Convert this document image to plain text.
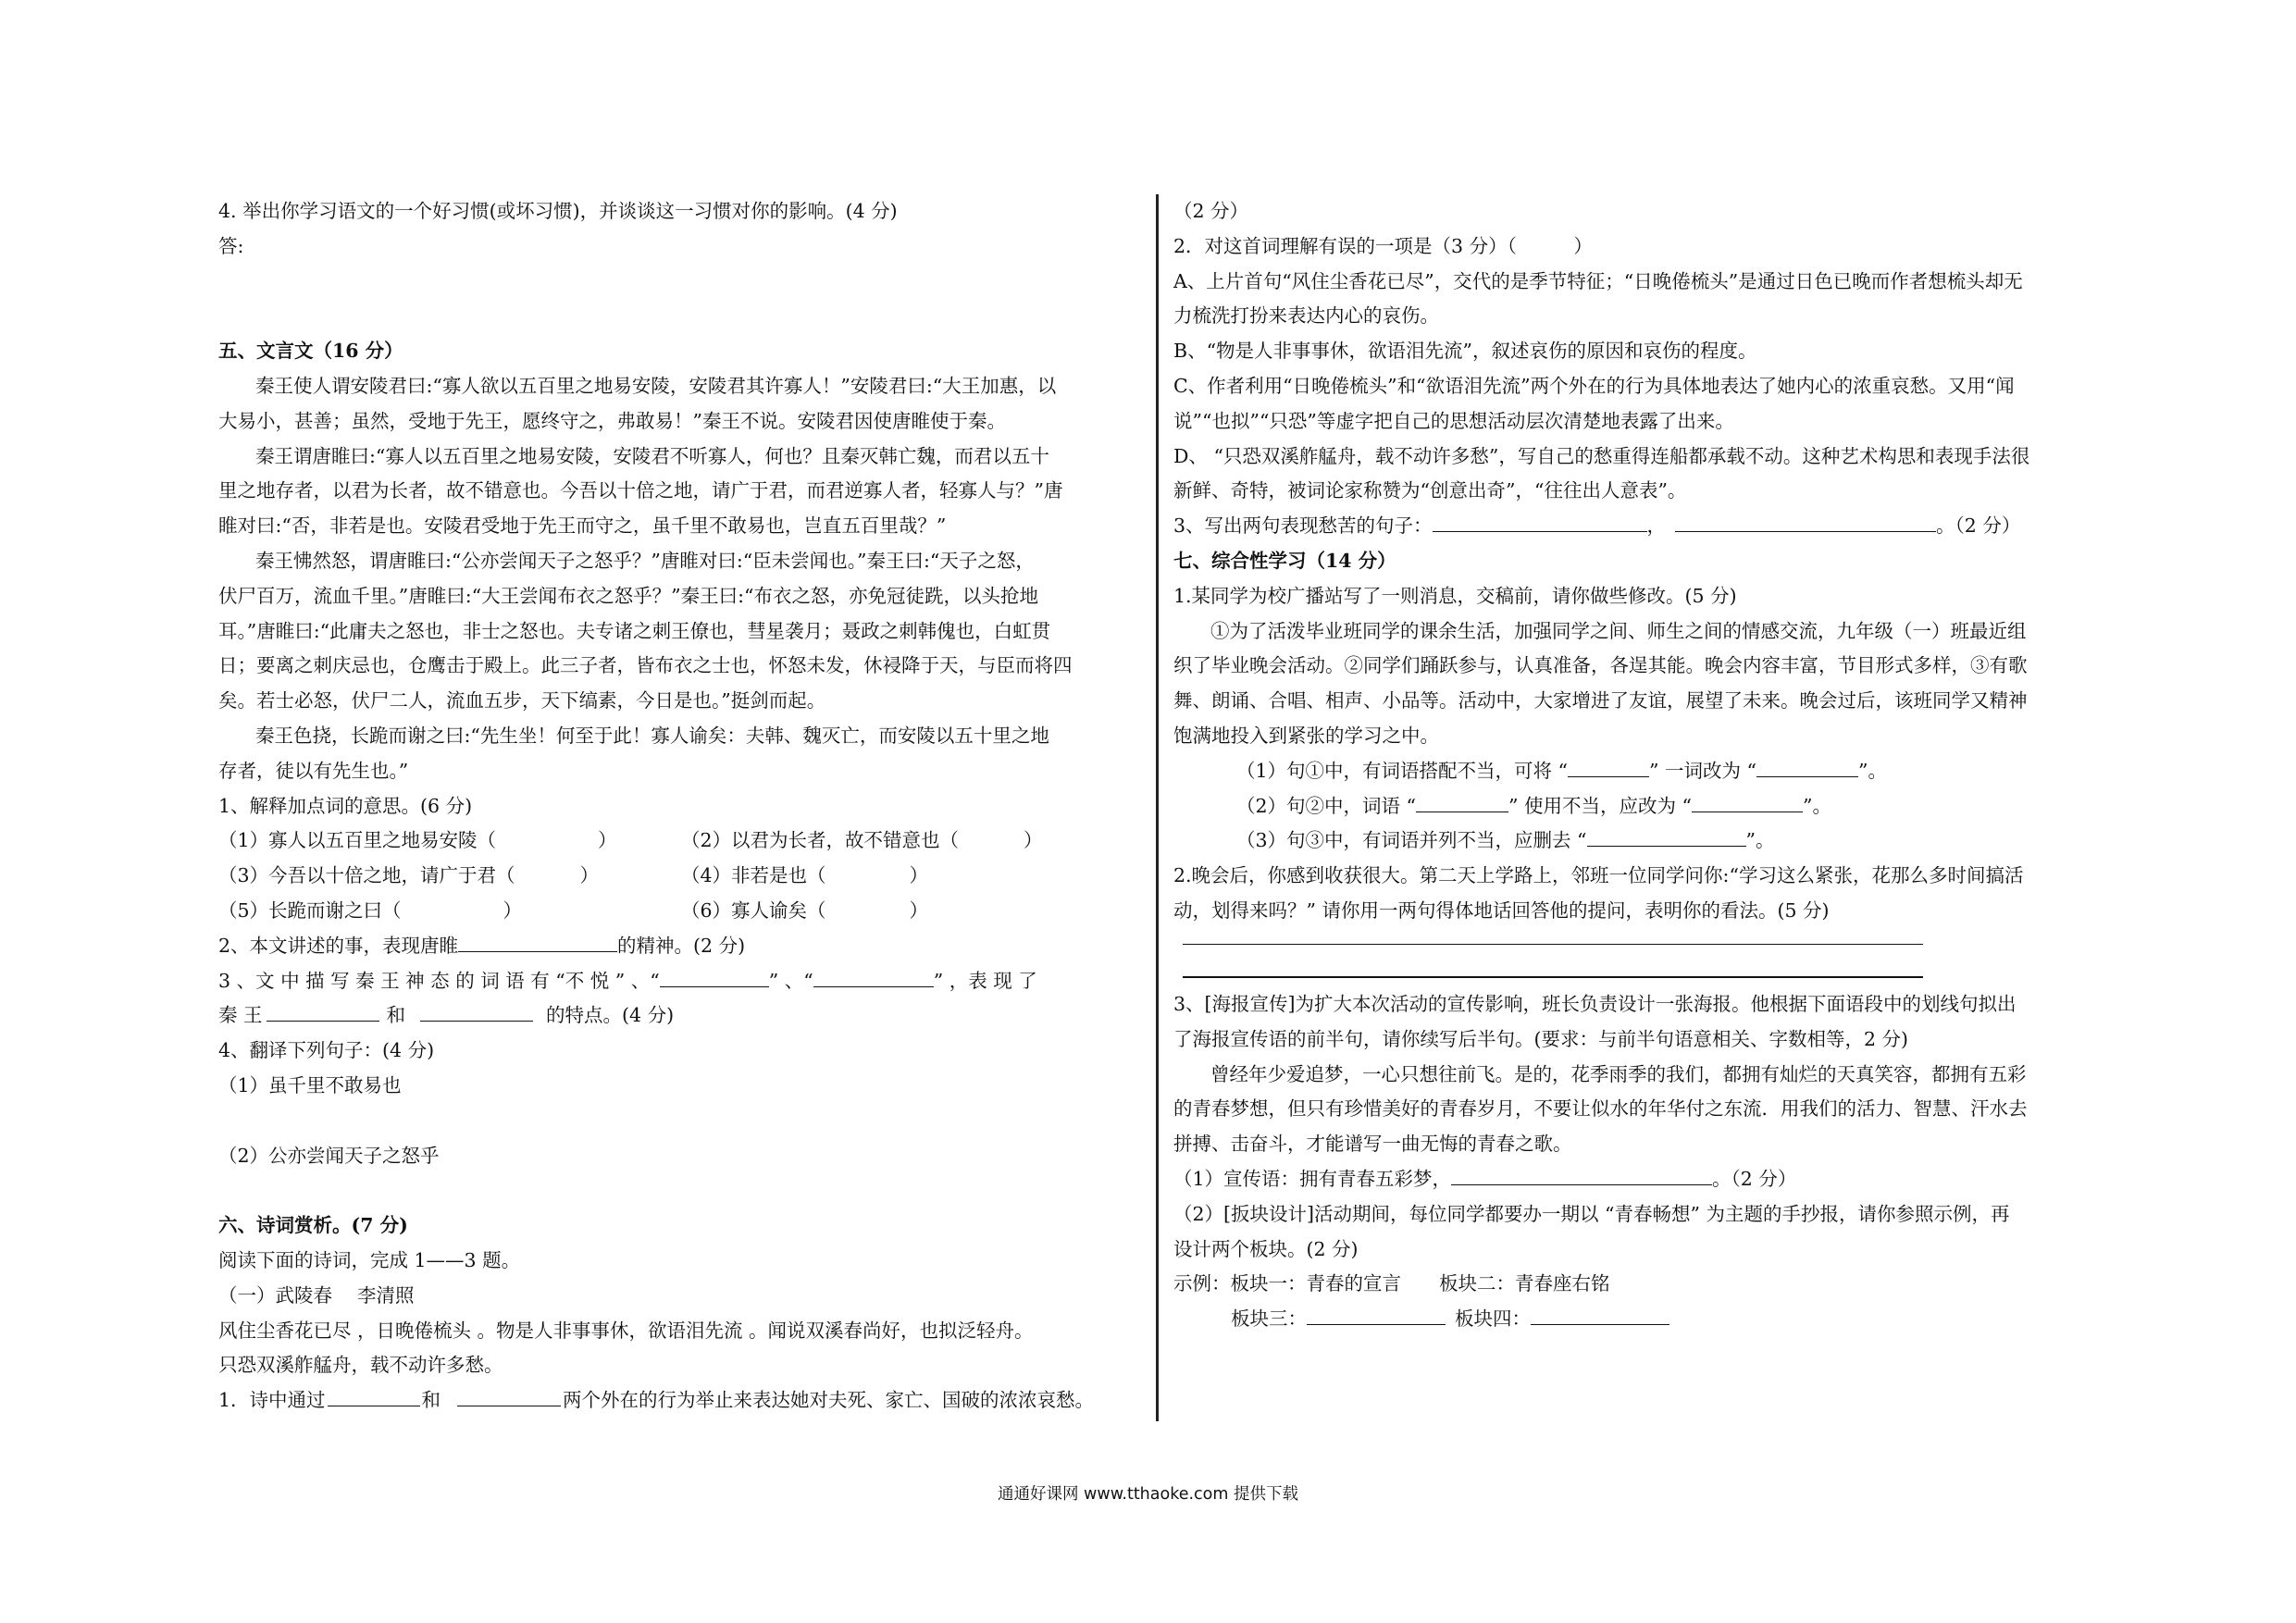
4. 举出你学习语文的一个好习惯(或坏习惯)，并谈谈这一习惯对你的影响。(4 分)
答:
五、文言文（16 分）
秦王使人谓安陵君曰:“寡人欲以五百里之地易安陵，安陵君其许寡人！”安陵君曰:“大王加惠，以
大易小，甚善；虽然，受地于先王，愿终守之，弗敢易！”秦王不说。安陵君因使唐睢使于秦。
秦王谓唐睢曰:“寡人以五百里之地易安陵，安陵君不听寡人，何也？且秦灭韩亡魏，而君以五十
里之地存者，以君为长者，故不错意也。今吾以十倍之地，请广于君，而君逆寡人者，轻寡人与？”唐
睢对曰:“否，非若是也。安陵君受地于先王而守之，虽千里不敢易也，岂直五百里哉？”
秦王怫然怒，谓唐睢曰:“公亦尝闻天子之怒乎？”唐睢对曰:“臣未尝闻也。”秦王曰:“天子之怒，
伏尸百万，流血千里。”唐睢曰:“大王尝闻布衣之怒乎？”秦王曰:“布衣之怒，亦免冠徒跣，以头抢地
耳。”唐睢曰:“此庸夫之怒也，非士之怒也。夫专诸之刺王僚也，彗星袭月；聂政之刺韩傀也，白虹贯
日；要离之刺庆忌也，仓鹰击于殿上。此三子者，皆布衣之士也，怀怒未发，休祲降于天，与臣而将四
矣。若士必怒，伏尸二人，流血五步，天下缟素，今日是也。”挺剑而起。
秦王色挠，长跪而谢之曰:“先生坐！何至于此！寡人谕矣：夫韩、魏灭亡，而安陵以五十里之地
存者，徒以有先生也。”
1、解释加点词的意思。(6 分)
（1）寡人以五百里之地易安陵（	）	（2）以君为长者，故不错意也（	）
（3）今吾以十倍之地，请广于君（	）	（4）非若是也（	）
（5）长跪而谢之曰（	）	（6）寡人谕矣（	）
2、本文讲述的事，表现唐睢	的精神。(2 分)
3 、文 中 描 写 秦 王 神 态 的 词 语 有 “不 悦 ” 、“	” 、“	” ，表 现 了
秦 王	和	的特点。(4 分)
4、翻译下列句子：(4 分)
（1）虽千里不敢易也
（2）公亦尝闻天子之怒乎
六、诗词赏析。(7 分)
阅读下面的诗词，完成 1——3 题。
（一）武陵春　 李清照
风住尘香花已尽 ，日晚倦梳头 。物是人非事事休，欲语泪先流 。闻说双溪春尚好，也拟泛轻舟。
只恐双溪舴艋舟，载不动许多愁。
1．诗中通过	和	两个外在的行为举止来表达她对夫死、家亡、国破的浓浓哀愁。
（2 分）
2．对这首词理解有误的一项是（3 分）（　　　）
A、上片首句“风住尘香花已尽”，交代的是季节特征；“日晚倦梳头”是通过日色已晚而作者想梳头却无
力梳洗打扮来表达内心的哀伤。
B、“物是人非事事休，欲语泪先流”，叙述哀伤的原因和哀伤的程度。
C、作者利用“日晚倦梳头”和“欲语泪先流”两个外在的行为具体地表达了她内心的浓重哀愁。又用“闻
说”“也拟”“只恐”等虚字把自己的思想活动层次清楚地表露了出来。
D、 “只恐双溪舴艋舟，载不动许多愁”，写自己的愁重得连船都承载不动。这种艺术构思和表现手法很
新鲜、奇特，被词论家称赞为“创意出奇”，“往往出人意表”。
3、写出两句表现愁苦的句子：	，	。（2 分）
七、综合性学习（14 分）
1.某同学为校广播站写了一则消息，交稿前，请你做些修改。(5 分)
①为了活泼毕业班同学的课余生活，加强同学之间、师生之间的情感交流，九年级（一）班最近组
织了毕业晚会活动。②同学们踊跃参与，认真准备，各逞其能。晚会内容丰富，节目形式多样，③有歌
舞、朗诵、合唱、相声、小品等。活动中，大家增进了友谊，展望了未来。晚会过后，该班同学又精神
饱满地投入到紧张的学习之中。
（1）句①中，有词语搭配不当，可将 “	” 一词改为 “	”。
（2）句②中，词语 “	” 使用不当，应改为 “	”。
（3）句③中，有词语并列不当，应删去 “	”。
2.晚会后，你感到收获很大。第二天上学路上，邻班一位同学问你:“学习这么紧张，花那么多时间搞活
动，划得来吗？” 请你用一两句得体地话回答他的提问，表明你的看法。(5 分)
3、[海报宣传]为扩大本次活动的宣传影响，班长负责设计一张海报。他根据下面语段中的划线句拟出
了海报宣传语的前半句，请你续写后半句。(要求：与前半句语意相关、字数相等，2 分)
曾经年少爱追梦，一心只想往前飞。是的，花季雨季的我们，都拥有灿烂的天真笑容，都拥有五彩
的青春梦想，但只有珍惜美好的青春岁月，不要让似水的年华付之东流．用我们的活力、智慧、汗水去
拼搏、击奋斗，才能谱写一曲无悔的青春之歌。
（1）宣传语：拥有青春五彩梦，	。（2 分）
（2）[扳块设计]活动期间，每位同学都要办一期以 “青春畅想” 为主题的手抄报，请你参照示例，再
设计两个板块。(2 分)
示例：板块一：青春的宣言　　板块二：青春座右铭
板块三：	板块四：
通通好课网 www.tthaoke.com 提供下载
